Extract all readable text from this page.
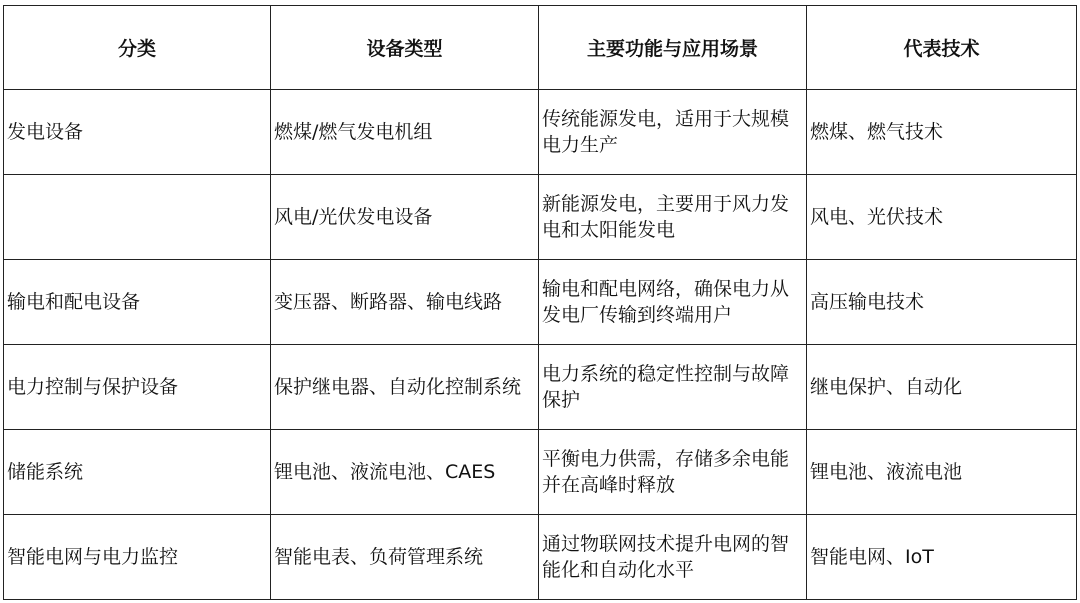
分类	设备类型	主要功能与应用场景	代表技术
发电设备	燃煤/燃气发电机组	传统能源发电，适用于大规模电力生产	燃煤、燃气技术
	风电/光伏发电设备	新能源发电，主要用于风力发电和太阳能发电	风电、光伏技术
输电和配电设备	变压器、断路器、输电线路	输电和配电网络，确保电力从发电厂传输到终端用户	高压输电技术
电力控制与保护设备	保护继电器、自动化控制系统	电力系统的稳定性控制与故障保护	继电保护、自动化
储能系统	锂电池、液流电池、CAES	平衡电力供需，存储多余电能并在高峰时释放	锂电池、液流电池
智能电网与电力监控	智能电表、负荷管理系统	通过物联网技术提升电网的智能化和自动化水平	智能电网、IoT
